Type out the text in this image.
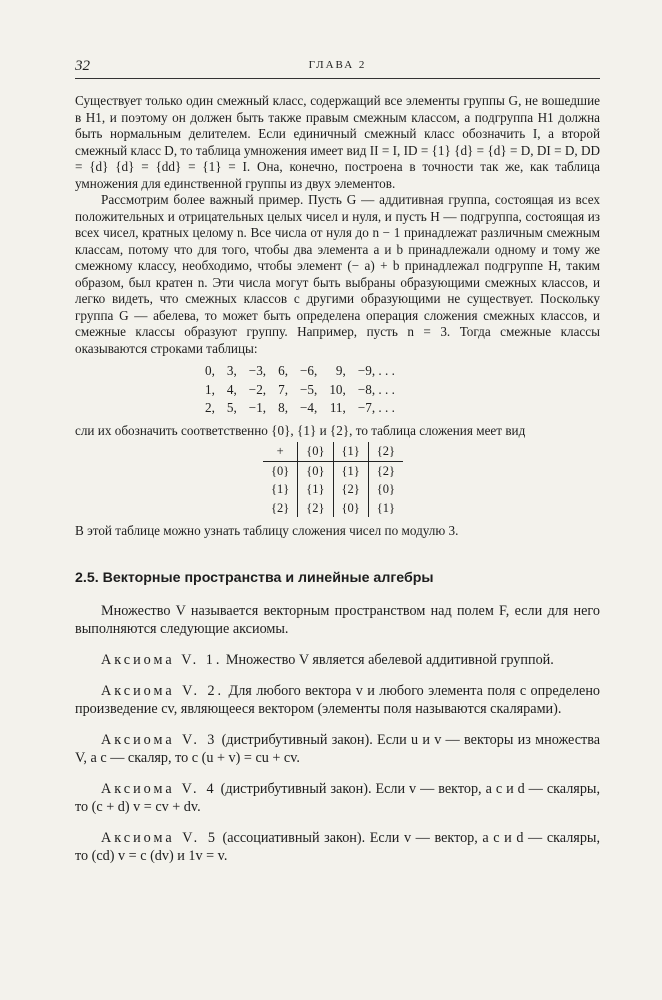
32	ГЛАВА 2

Существует только один смежный класс, содержащий все элементы группы G, не вошедшие в H1, и поэтому он должен быть также правым смежным классом, а подгруппа H1 должна быть нормальным делителем. Если единичный смежный класс обозначить I, а второй смежный класс D, то таблица умножения имеет вид II = I, ID = {1} {d} = {d} = D, DI = D, DD = {d} {d} = {dd} = {1} = I. Она, конечно, построена в точности так же, как таблица умножения для единственной группы из двух элементов.

Рассмотрим более важный пример. Пусть G — аддитивная группа, состоящая из всех положительных и отрицательных целых чисел и нуля, и пусть H — подгруппа, состоящая из всех чисел, кратных целому n. Все числа от нуля до n − 1 принадлежат различным смежным классам, потому что для того, чтобы два элемента a и b принадлежали одному и тому же смежному классу, необходимо, чтобы элемент (− a) + b принадлежал подгруппе H, таким образом, был кратен n. Эти числа могут быть выбраны образующими смежных классов, и легко видеть, что смежных классов с другими образующими не существует. Поскольку группа G — абелева, то может быть определена операция сложения смежных классов, и смежные классы образуют группу. Например, пусть n = 3. Тогда смежные классы оказываются строками таблицы:

0,	3,	−3,	6,	−6,	9,	−9, . . .
1,	4,	−2,	7,	−5,	10,	−8, . . .
2,	5,	−1,	8,	−4,	11,	−7, . . .

сли их обозначить соответственно {0}, {1} и {2}, то таблица сложения меет вид

+	{0}	{1}	{2}
{0}	{0}	{1}	{2}
{1}	{1}	{2}	{0}
{2}	{2}	{0}	{1}

В этой таблице можно узнать таблицу сложения чисел по модулю 3.

2.5. Векторные пространства и линейные алгебры

Множество V называется векторным пространством над полем F, если для него выполняются следующие аксиомы.

Аксиома V. 1. Множество V является абелевой аддитивной группой.

Аксиома V. 2. Для любого вектора v и любого элемента поля c определено произведение cv, являющееся вектором (элементы поля называются скалярами).

Аксиома V. 3 (дистрибутивный закон). Если u и v — векторы из множества V, а c — скаляр, то c (u + v) = cu + cv.

Аксиома V. 4 (дистрибутивный закон). Если v — вектор, а c и d — скаляры, то (c + d) v = cv + dv.

Аксиома V. 5 (ассоциативный закон). Если v — вектор, а c и d — скаляры, то (cd) v = c (dv) и 1v = v.
